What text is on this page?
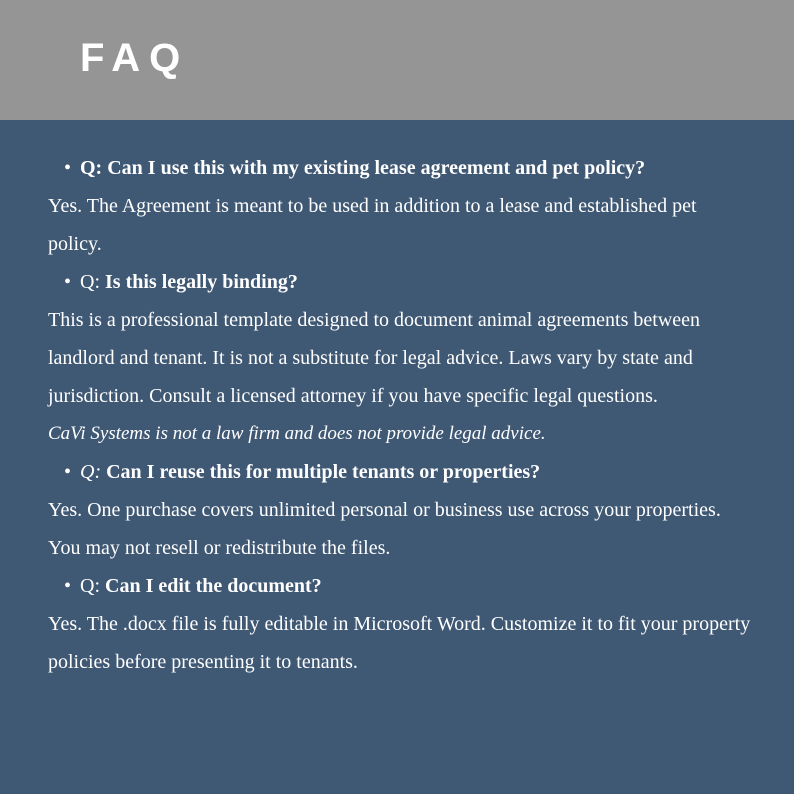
FAQ
• Q: Can I use this with my existing lease agreement and pet policy?

Yes. The Agreement is meant to be used in addition to a lease and established pet policy.

• Q: Is this legally binding?

This is a professional template designed to document animal agreements between landlord and tenant. It is not a substitute for legal advice. Laws vary by state and jurisdiction. Consult a licensed attorney if you have specific legal questions.

CaVi Systems is not a law firm and does not provide legal advice.
• Q: Can I reuse this for multiple tenants or properties?

Yes. One purchase covers unlimited personal or business use across your properties. You may not resell or redistribute the files.

• Q: Can I edit the document?

Yes. The .docx file is fully editable in Microsoft Word. Customize it to fit your property policies before presenting it to tenants.
